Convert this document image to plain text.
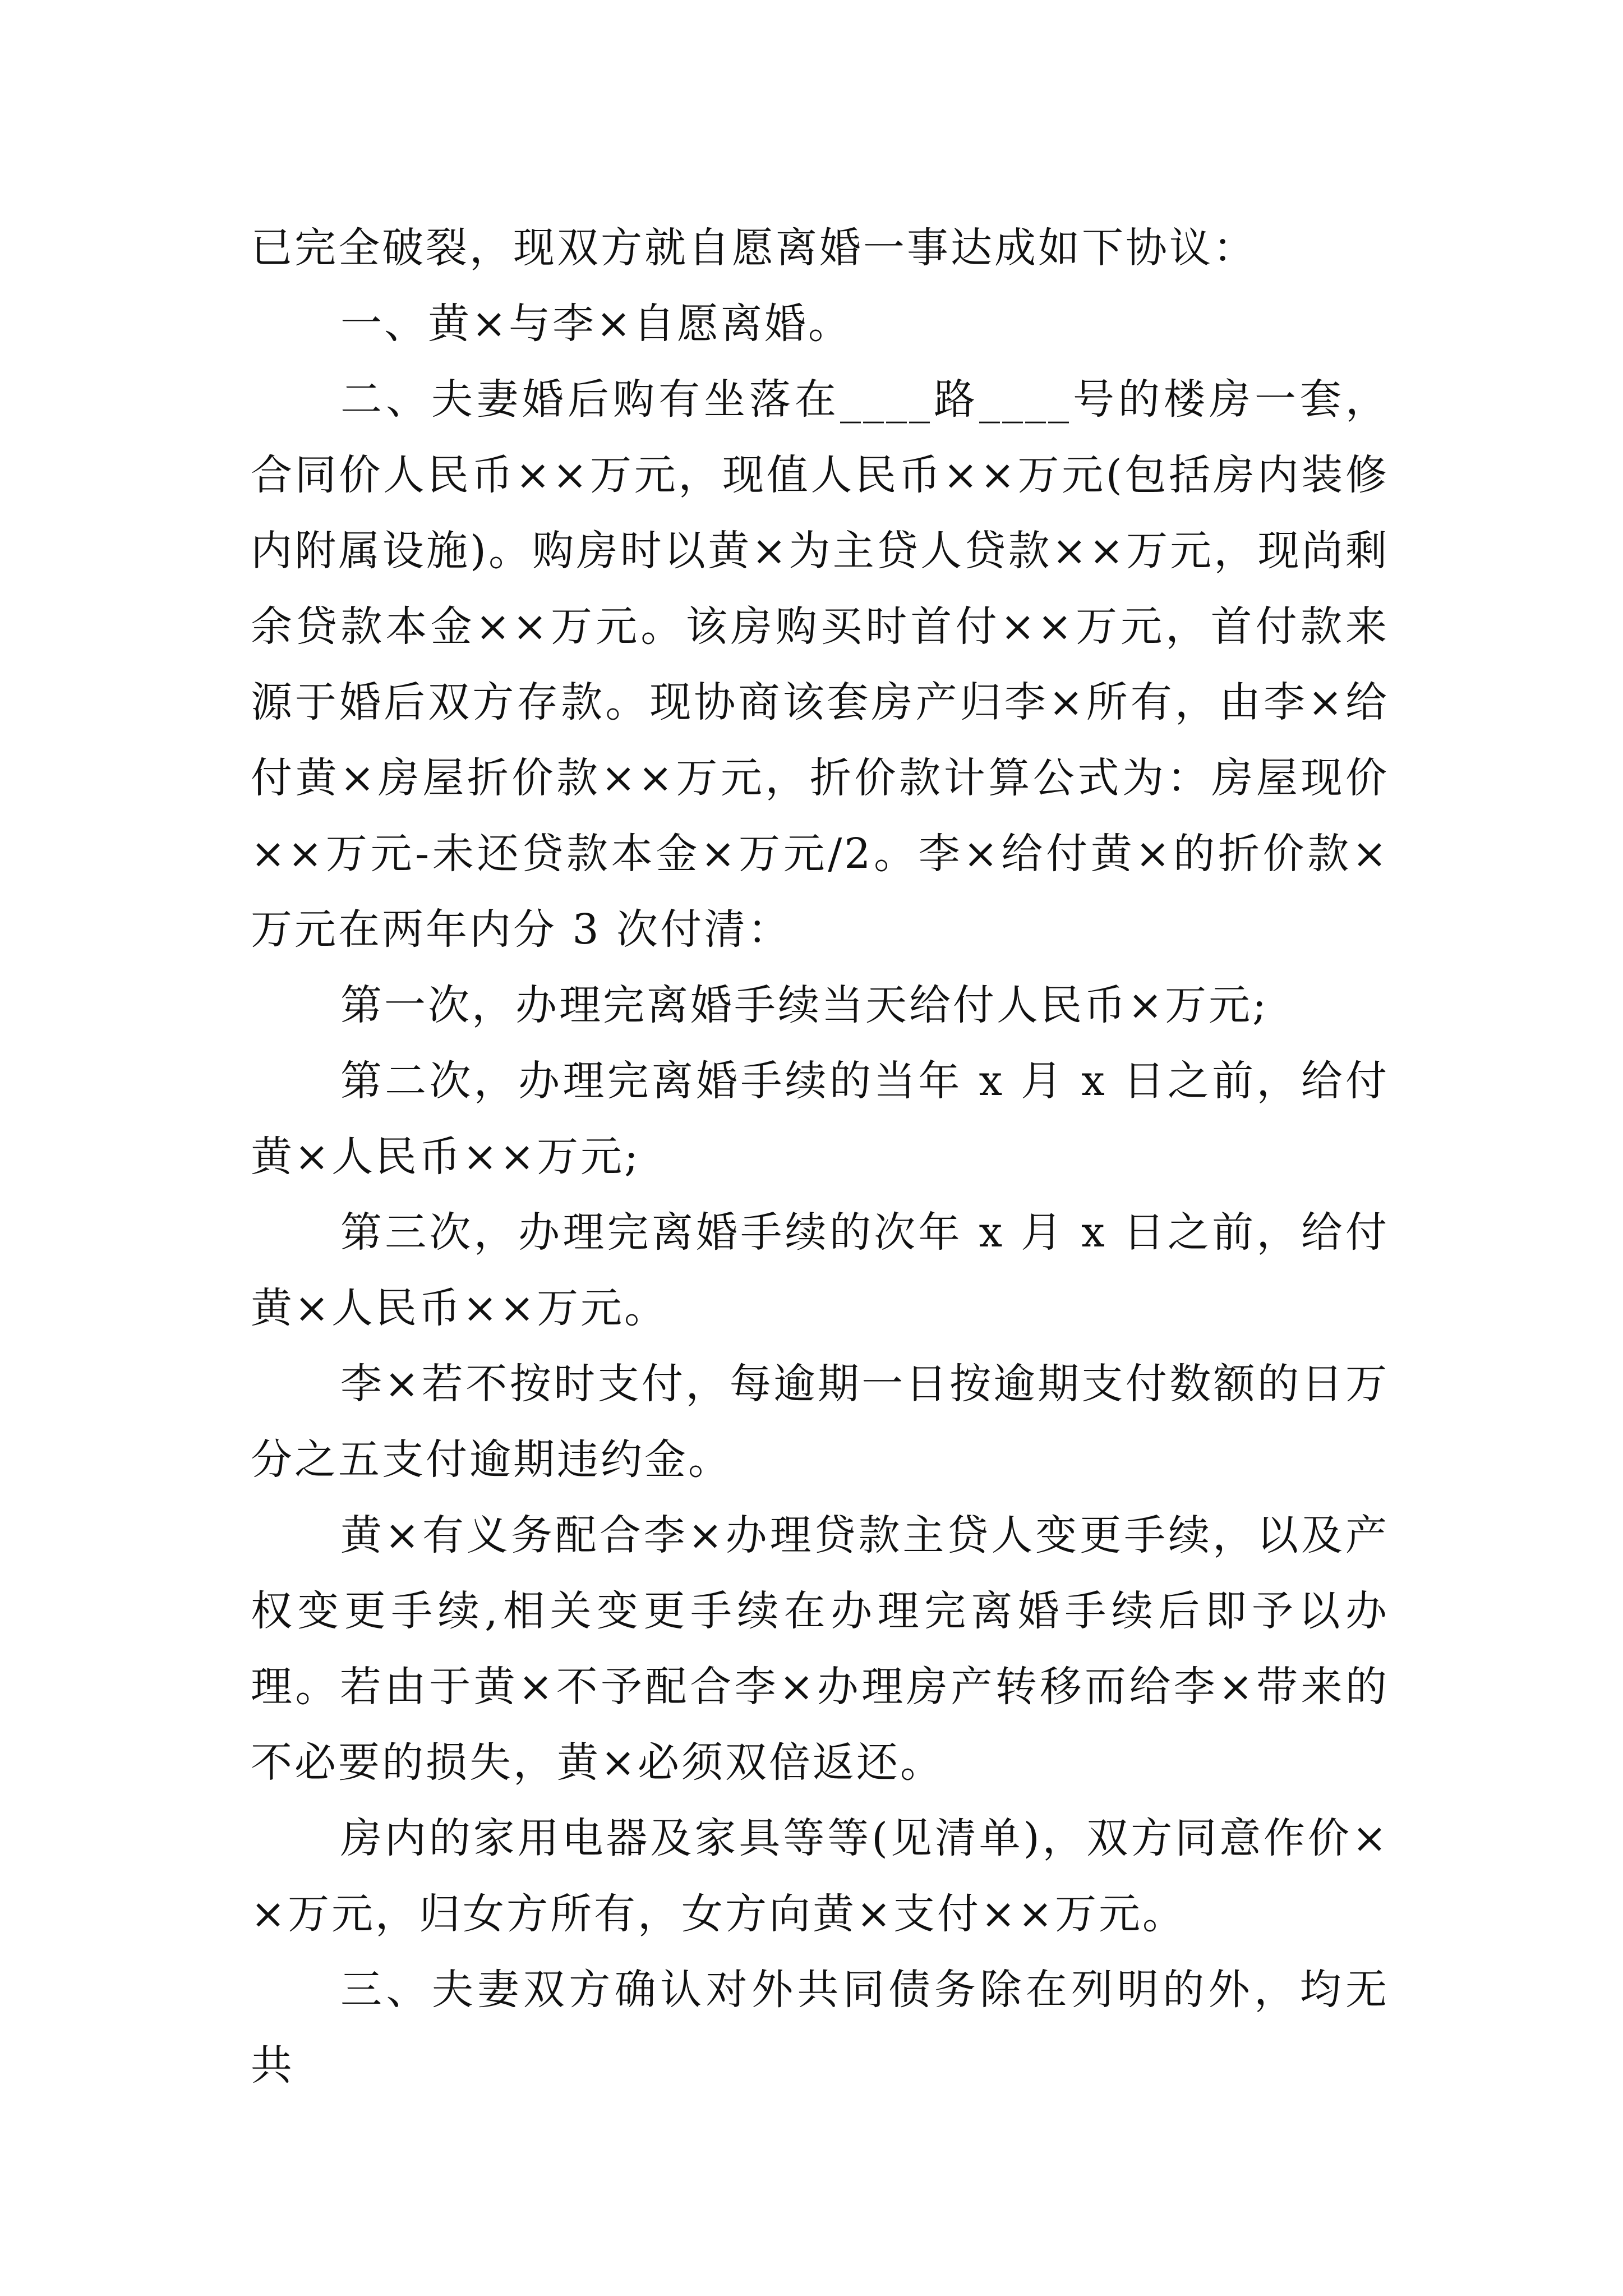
已完全破裂，现双方就自愿离婚一事达成如下协议：

一、黄×与李×自愿离婚。

二、夫妻婚后购有坐落在____路____号的楼房一套，合同价人民币××万元，现值人民币××万元(包括房内装修内附属设施)。购房时以黄×为主贷人贷款××万元，现尚剩余贷款本金××万元。该房购买时首付××万元，首付款来源于婚后双方存款。现协商该套房产归李×所有，由李×给付黄×房屋折价款××万元，折价款计算公式为：房屋现价××万元-未还贷款本金×万元/2。李×给付黄×的折价款×万元在两年内分 3 次付清：

第一次，办理完离婚手续当天给付人民币×万元;

第二次，办理完离婚手续的当年 x 月 x 日之前，给付黄×人民币××万元;

第三次，办理完离婚手续的次年 x 月 x 日之前，给付黄×人民币××万元。

李×若不按时支付，每逾期一日按逾期支付数额的日万分之五支付逾期违约金。

黄×有义务配合李×办理贷款主贷人变更手续，以及产权变更手续,相关变更手续在办理完离婚手续后即予以办理。若由于黄×不予配合李×办理房产转移而给李×带来的不必要的损失，黄×必须双倍返还。

房内的家用电器及家具等等(见清单)，双方同意作价××万元，归女方所有，女方向黄×支付××万元。

三、夫妻双方确认对外共同债务除在列明的外，均无共
